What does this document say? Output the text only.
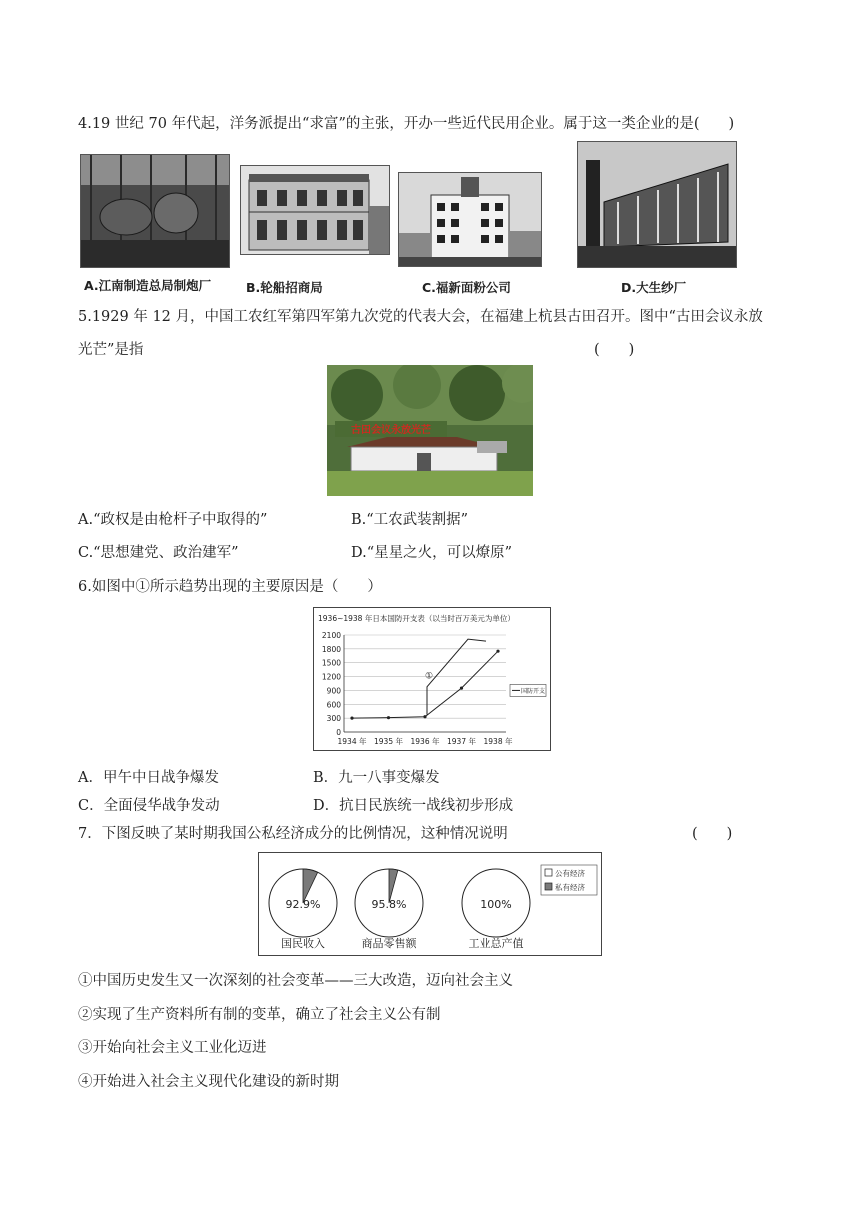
4.19 世纪 70 年代起，洋务派提出“求富”的主张，开办一些近代民用企业。属于这一类企业的是(　　)
A.江南制造总局制炮厂	B.轮船招商局	C.福新面粉公司	D.大生纱厂
5.1929 年 12 月，中国工农红军第四军第九次党的代表大会，在福建上杭县古田召开。图中“古田会议永放
光芒”是指	(　　)
古田会议永放光芒
A.“政权是由枪杆子中取得的”	B.“工农武装割据”
C.“思想建党、政治建军”	D.“星星之火，可以燎原”
6.如图中①所示趋势出现的主要原因是（　　）
1936~1938 年日本国防开支表（以当时百万美元为单位）
0
300
600
900
1200
1500
1800
2100
1934 年 1935 年 1936 年 1937 年 1938 年
①
国防开支
A．甲午中日战争爆发	B．九一八事变爆发
C．全面侵华战争发动	D．抗日民族统一战线初步形成
7．下图反映了某时期我国公私经济成分的比例情况，这种情况说明	(　　)
92.9%
国民收入
95.8%
商品零售额
100%
工业总产值
公有经济
私有经济
①中国历史发生又一次深刻的社会变革——三大改造，迈向社会主义
②实现了生产资料所有制的变革，确立了社会主义公有制
③开始向社会主义工业化迈进
④开始进入社会主义现代化建设的新时期
